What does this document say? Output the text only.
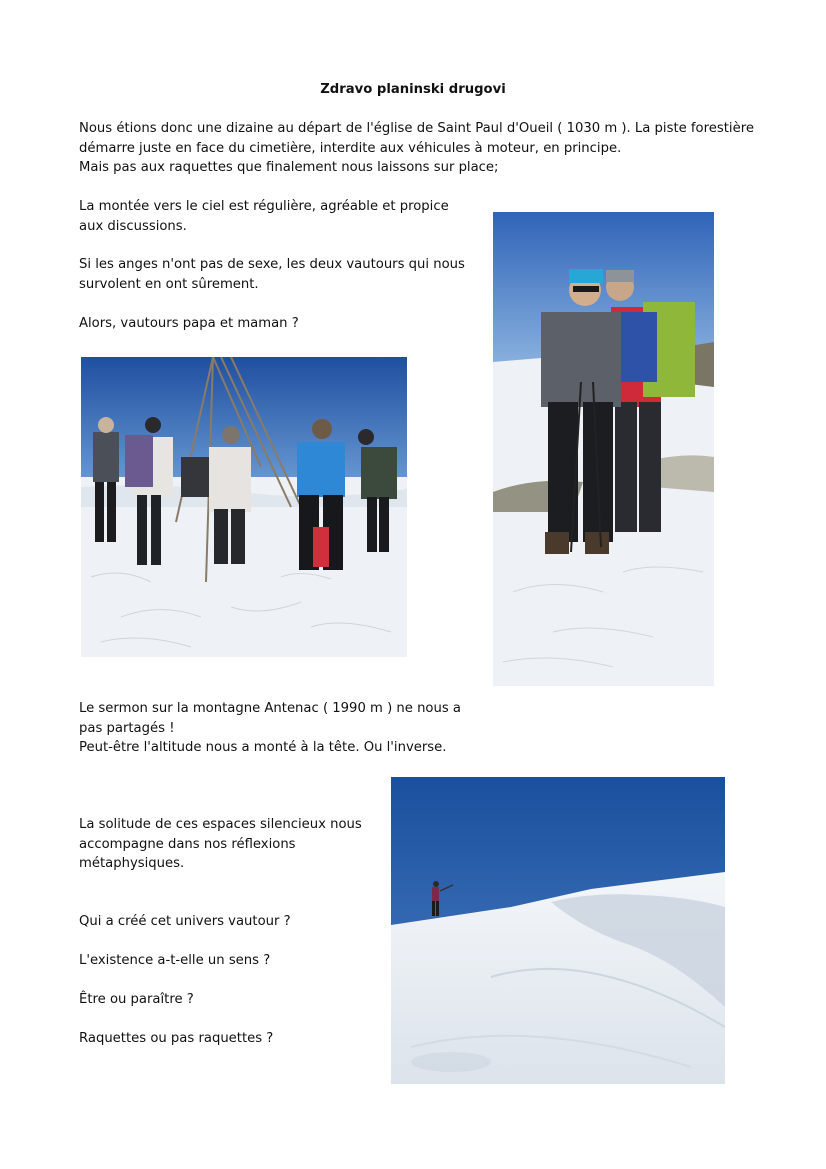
Zdravo planinski drugovi
Nous étions donc une dizaine au départ de l'église de Saint Paul d'Oueil ( 1030 m ). La piste forestière
démarre juste en face du cimetière, interdite aux véhicules à moteur, en principe.
Mais pas aux raquettes que finalement nous laissons sur place;
La montée vers le ciel est régulière, agréable et propice
aux discussions.
Si les anges n'ont pas de sexe, les deux vautours qui nous
survolent en ont sûrement.
Alors, vautours papa et maman ?
Le sermon sur la montagne Antenac ( 1990 m ) ne nous a
pas partagés !
Peut-être l'altitude nous a monté à la tête. Ou l'inverse.
La solitude de ces espaces silencieux nous
accompagne dans nos réflexions
métaphysiques.
Qui a créé cet univers vautour ?
L'existence a-t-elle un sens ?
Être ou paraître ?
Raquettes ou pas raquettes ?
